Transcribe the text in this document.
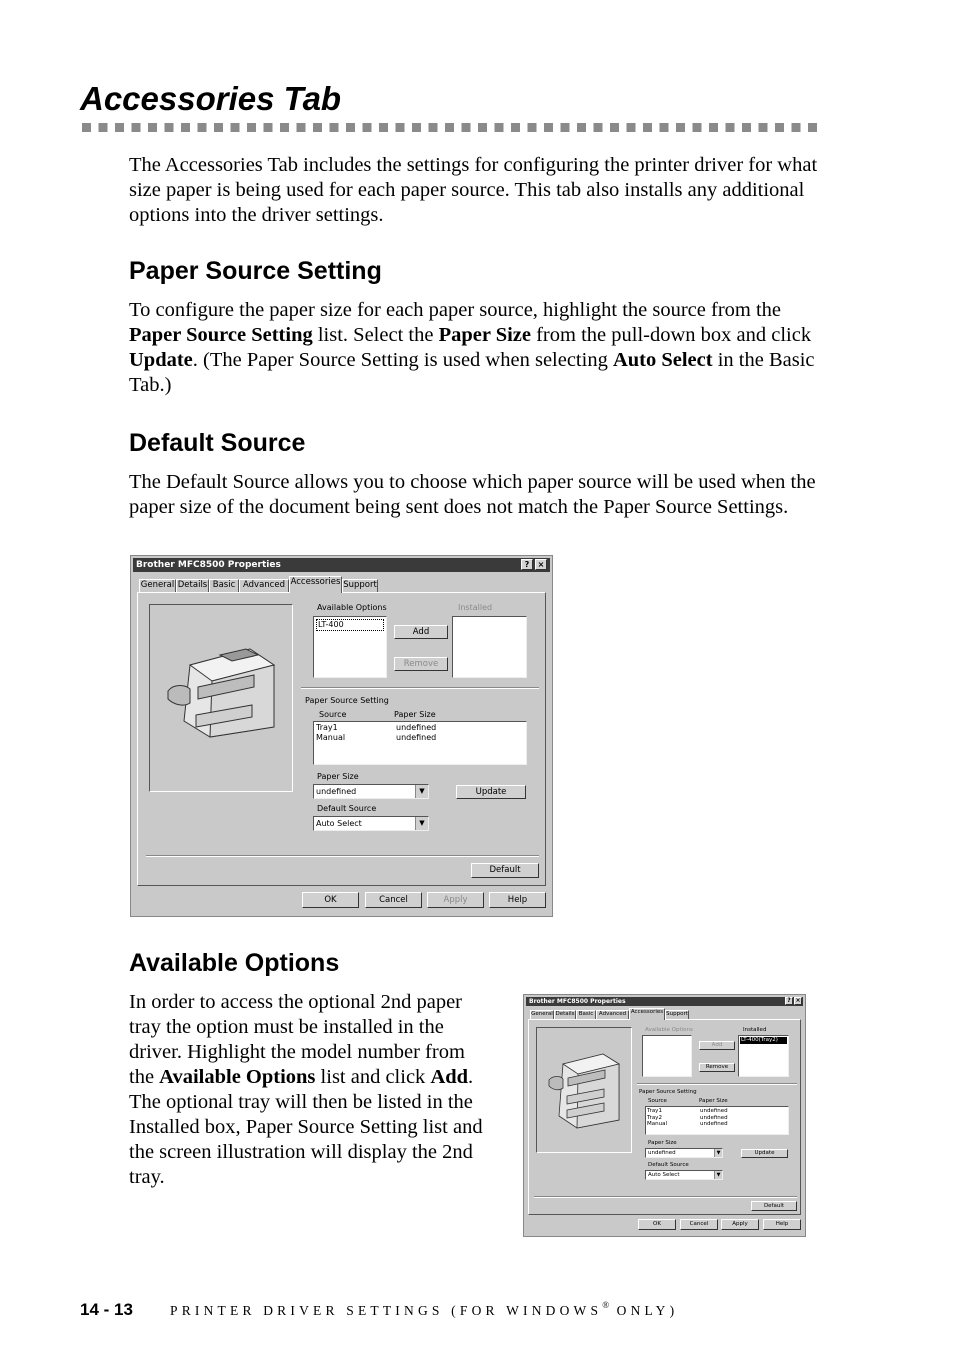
Accessories Tab

The Accessories Tab includes the settings for configuring the printer driver for what size paper is being used for each paper source. This tab also installs any additional options into the driver settings.

Paper Source Setting

To configure the paper size for each paper source, highlight the source from the Paper Source Setting list. Select the Paper Size from the pull-down box and click Update. (The Paper Source Setting is used when selecting Auto Select in the Basic Tab.)

Default Source

The Default Source allows you to choose which paper source will be used when the paper size of the document being sent does not match the Paper Source Settings.

Brother MFC8500 Properties	?	×
General Details Basic Advanced Accessories Support
Available Options
LT-400
Add
Remove
Installed
Paper Source Setting
Source	Paper Size
Tray1	undefined
Manual	undefined
Paper Size
undefined	▼	Update
Default Source
Auto Select	▼
Default
OK	Cancel	Apply	Help
Available Options

In order to access the optional 2nd paper tray the option must be installed in the driver. Highlight the model number from the Available Options list and click Add. The optional tray will then be listed in the Installed box, Paper Source Setting list and the screen illustration will display the 2nd tray.

Brother MFC8500 Properties	? ×
General Details Basic	Advanced Accessories Support
Available Options
Add
Remove
Installed
LT-400(Tray2)
Paper Source Setting
Source	Paper Size
Tray1	undefined
Tray2	undefined
Manual	undefined
Paper Size
undefined	▼	Update
Default Source
Auto Select	▼
Default
OK	Cancel	Apply	Help
14 - 13	PRINTER DRIVER SETTINGS (FOR WINDOWS® ONLY)
